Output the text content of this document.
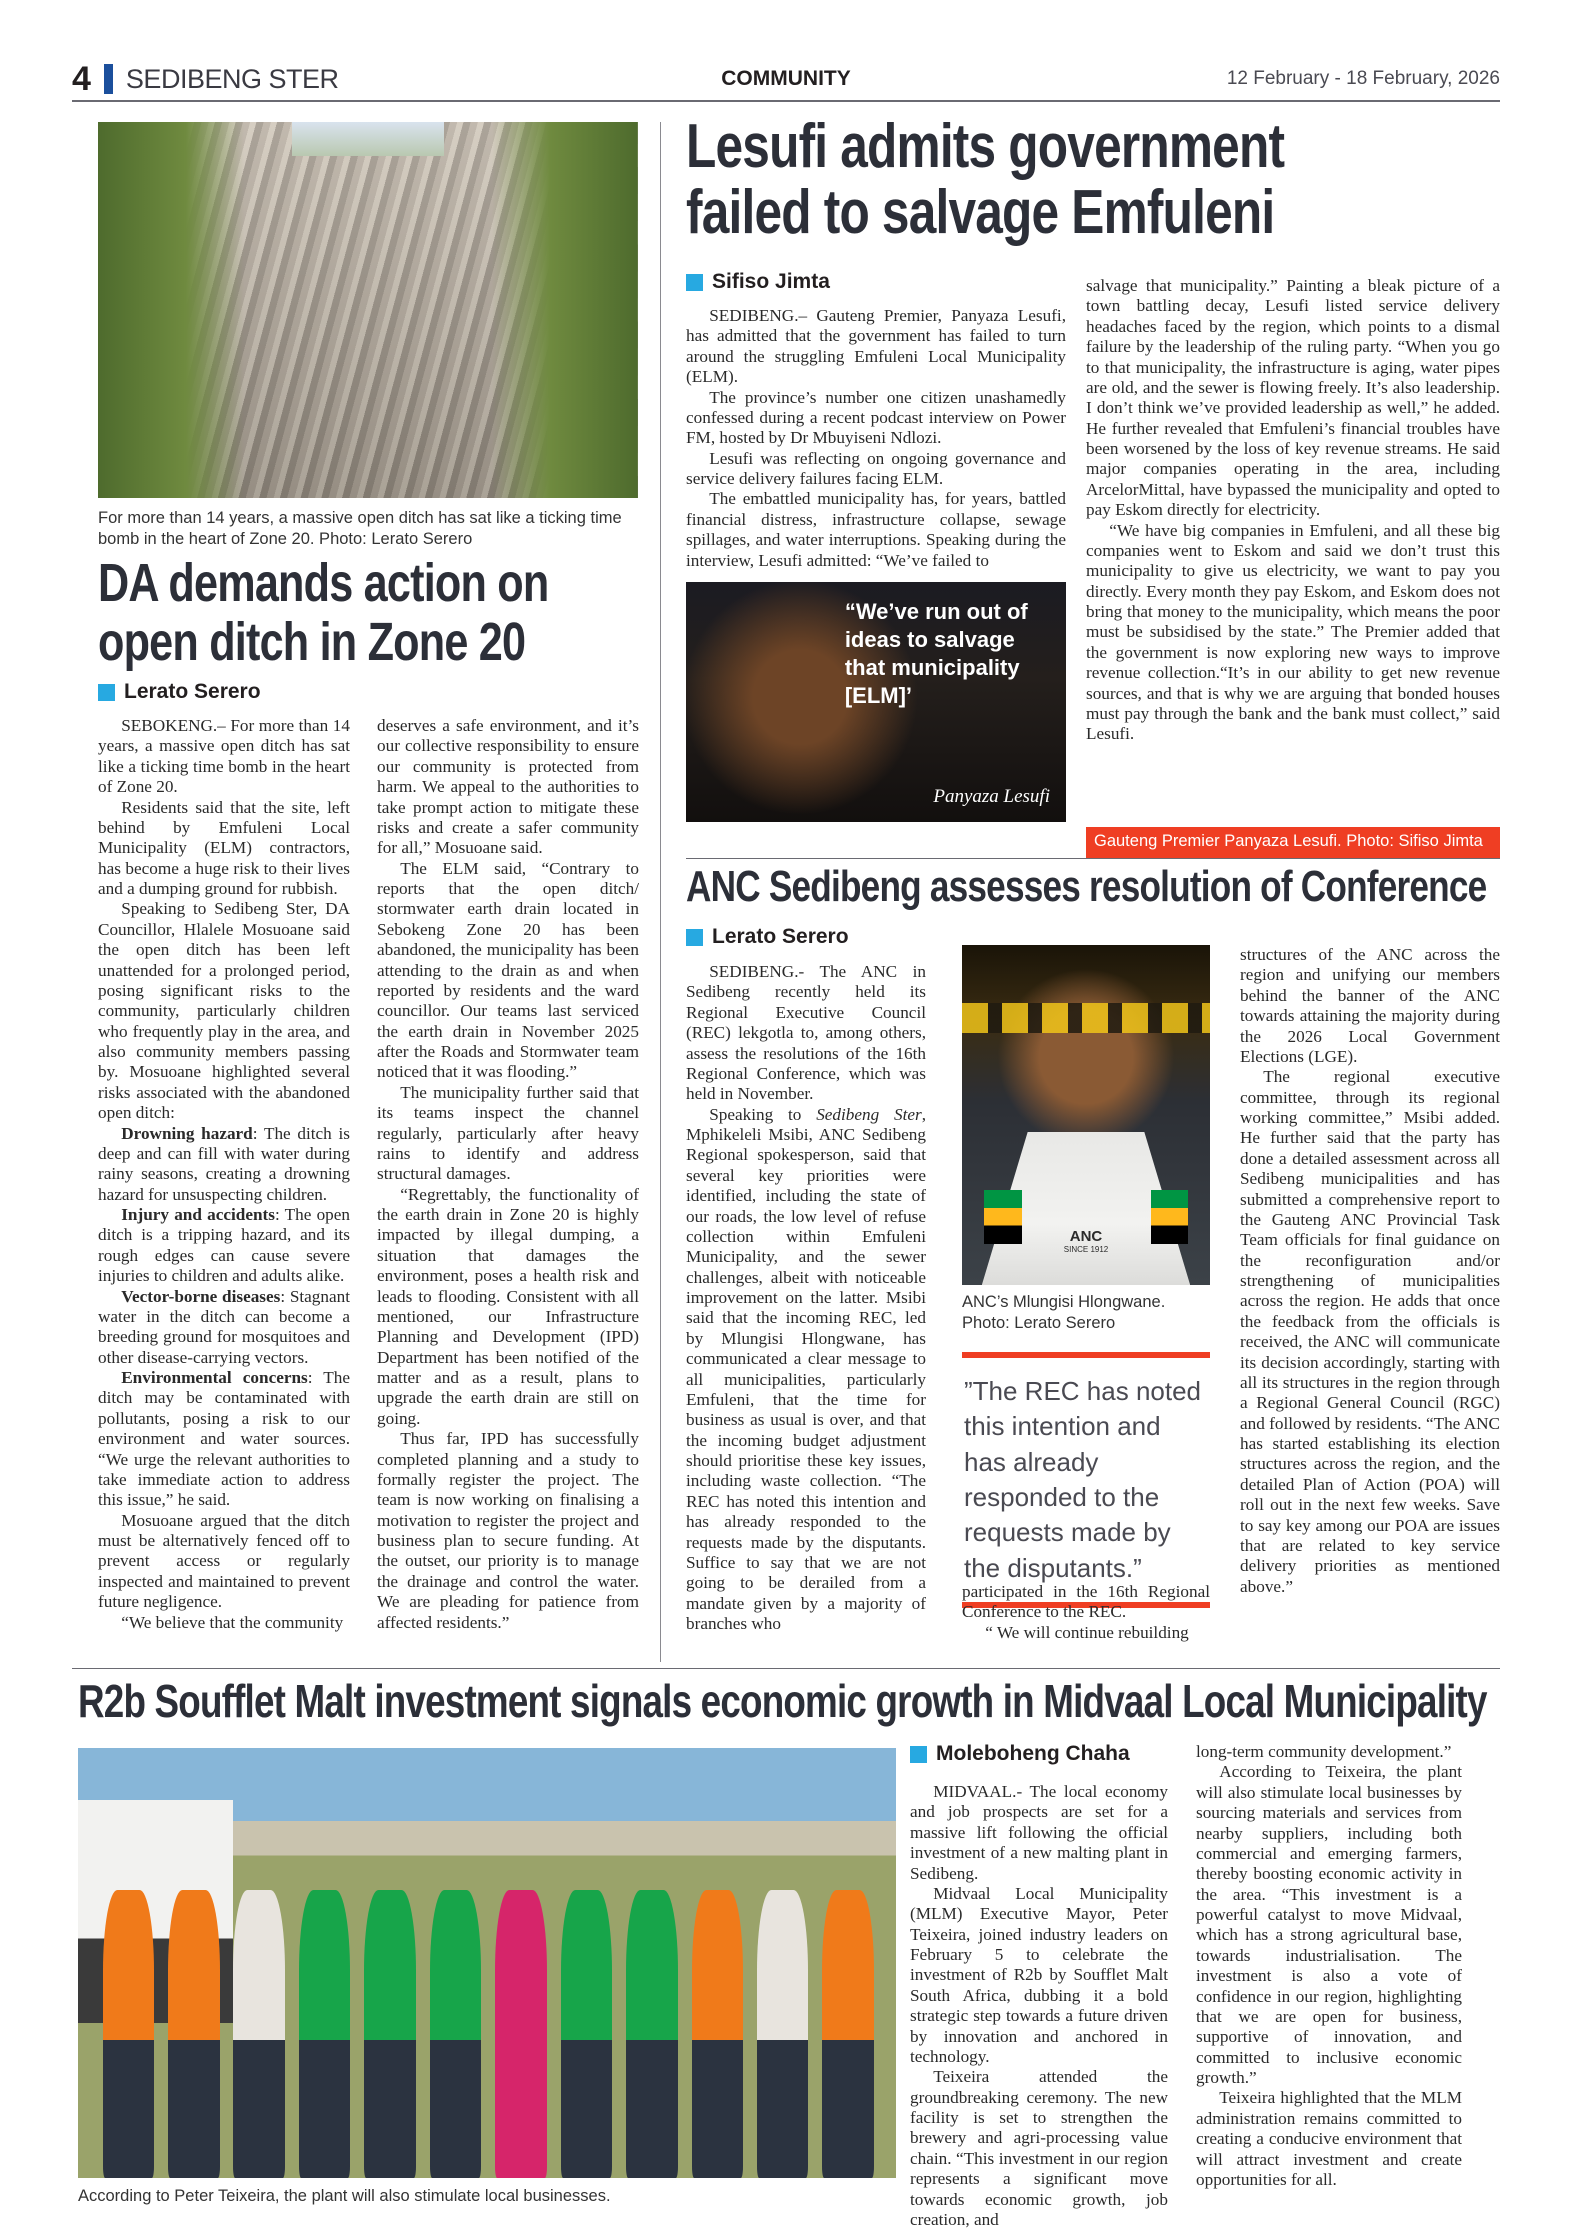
4 SEDIBENG STER	COMMUNITY	12 February - 18 February, 2026
For more than 14 years, a massive open ditch has sat like a ticking time bomb in the heart of Zone 20. Photo: Lerato Serero
DA demands action on
open ditch in Zone 20
Lerato Serero

SEBOKENG.– For more than 14 years, a massive open ditch has sat like a ticking time bomb in the heart of Zone 20.

Residents said that the site, left behind by Emfuleni Local Municipality (ELM) contractors, has become a huge risk to their lives and a dumping ground for rubbish.

Speaking to Sedibeng Ster, DA Councillor, Hlalele Mosuoane said the open ditch has been left unattended for a prolonged period, posing significant risks to the community, particularly children who frequently play in the area, and also community members passing by. Mosuoane highlighted several risks associated with the abandoned open ditch:

Drowning hazard: The ditch is deep and can fill with water during rainy seasons, creating a drowning hazard for unsuspecting children.

Injury and accidents: The open ditch is a tripping hazard, and its rough edges can cause severe injuries to children and adults alike.

Vector-borne diseases: Stagnant water in the ditch can become a breeding ground for mosquitoes and other disease-carrying vectors.

Environmental concerns: The ditch may be contaminated with pollutants, posing a risk to our environment and water sources. “We urge the relevant authorities to take immediate action to address this issue,” he said.

Mosuoane argued that the ditch must be alternatively fenced off to prevent access or regularly inspected and maintained to prevent future negligence.

“We believe that the community

deserves a safe environment, and it’s our collective responsibility to ensure our community is protected from harm. We appeal to the authorities to take prompt action to mitigate these risks and create a safer community for all,” Mosuoane said.

The ELM said, “Contrary to reports that the open ditch/ stormwater earth drain located in Sebokeng Zone 20 has been abandoned, the municipality has been attending to the drain as and when reported by residents and the ward councillor. Our teams last serviced the earth drain in November 2025 after the Roads and Stormwater team noticed that it was flooding.”

The municipality further said that its teams inspect the channel regularly, particularly after heavy rains to identify and address structural damages.

“Regrettably, the functionality of the earth drain in Zone 20 is highly impacted by illegal dumping, a situation that damages the environment, poses a health risk and leads to flooding. Consistent with all mentioned, our Infrastructure Planning and Development (IPD) Department has been notified of the matter and as a result, plans to upgrade the earth drain are still on going.

Thus far, IPD has successfully completed planning and a study to formally register the project. The team is now working on finalising a motivation to register the project and business plan to secure funding. At the outset, our priority is to manage the drainage and control the water. We are pleading for patience from affected residents.”

Lesufi admits government
failed to salvage Emfuleni
Sifiso Jimta

SEDIBENG.– Gauteng Premier, Panyaza Lesufi, has admitted that the government has failed to turn around the struggling Emfuleni Local Municipality (ELM).

The province’s number one citizen unashamedly confessed during a recent podcast interview on Power FM, hosted by Dr Mbuyiseni Ndlozi.

Lesufi was reflecting on ongoing governance and service delivery failures facing ELM.

The embattled municipality has, for years, battled financial distress, infrastructure collapse, sewage spillages, and water interruptions. Speaking during the interview, Lesufi admitted: “We’ve failed to

“We’ve run out of ideas to salvage that municipality [ELM]’
Panyaza Lesufi

salvage that municipality.” Painting a bleak picture of a town battling decay, Lesufi listed service delivery headaches faced by the region, which points to a dismal failure by the leadership of the ruling party. “When you go to that municipality, the infrastructure is aging, water pipes are old, and the sewer is flowing freely. It’s also leadership. I don’t think we’ve provided leadership as well,” he added. He further revealed that Emfuleni’s financial troubles have been worsened by the loss of key revenue streams. He said major companies operating in the area, including ArcelorMittal, have bypassed the municipality and opted to pay Eskom directly for electricity.

“We have big companies in Emfuleni, and all these big companies went to Eskom and said we don’t trust this municipality to give us electricity, we want to pay you directly. Every month they pay Eskom, and Eskom does not bring that money to the municipality, which means the poor must be subsidised by the state.” The Premier added that the government is now exploring new ways to improve revenue collection.“It’s in our ability to get new revenue sources, and that is why we are arguing that bonded houses must pay through the bank and the bank must collect,” said Lesufi.

Gauteng Premier Panyaza Lesufi. Photo: Sifiso Jimta
ANC Sedibeng assesses resolution of Conference
Lerato Serero

SEDIBENG.- The ANC in Sedibeng recently held its Regional Executive Council (REC) lekgotla to, among others, assess the resolutions of the 16th Regional Conference, which was held in November.

Speaking to Sedibeng Ster, Mphikeleli Msibi, ANC Sedibeng Regional spokesperson, said that several key priorities were identified, including the state of our roads, the low level of refuse collection within Emfuleni Municipality, and the sewer challenges, albeit with noticeable improvement on the latter. Msibi said that the incoming REC, led by Mlungisi Hlongwane, has communicated a clear message to all municipalities, particularly Emfuleni, that the time for business as usual is over, and that the incoming budget adjustment should prioritise these key issues, including waste collection. “The REC has noted this intention and has already responded to the requests made by the disputants. Suffice to say that we are not going to be derailed from a mandate given by a majority of branches who

ANC
SINCE 1912
ANC’s Mlungisi Hlongwane. Photo: Lerato Serero
”The REC has noted this intention and has already responded to the requests made by the disputants.”

participated in the 16th Regional Conference to the REC.

“ We will continue rebuilding

structures of the ANC across the region and unifying our members behind the banner of the ANC towards attaining the majority during the 2026 Local Government Elections (LGE).

The regional executive committee, through its regional working committee,” Msibi added. He further said that the party has done a detailed assessment across all Sedibeng municipalities and has submitted a comprehensive report to the Gauteng ANC Provincial Task Team officials for final guidance on the reconfiguration and/or strengthening of municipalities across the region. He adds that once the feedback from the officials is received, the ANC will communicate its decision accordingly, starting with all its structures in the region through a Regional General Council (RGC) and followed by residents. “The ANC has started establishing its election structures across the region, and the detailed Plan of Action (POA) will roll out in the next few weeks. Save to say key among our POA are issues that are related to key service delivery priorities as mentioned above.”

R2b Soufflet Malt investment signals economic growth in Midvaal Local Municipality
According to Peter Teixeira, the plant will also stimulate local businesses.
Moleboheng Chaha

MIDVAAL.- The local economy and job prospects are set for a massive lift following the official investment of a new malting plant in Sedibeng.

Midvaal Local Municipality (MLM) Executive Mayor, Peter Teixeira, joined industry leaders on February 5 to celebrate the investment of R2b by Soufflet Malt South Africa, dubbing it a bold strategic step towards a future driven by innovation and anchored in technology.

Teixeira attended the groundbreaking ceremony. The new facility is set to strengthen the brewery and agri-processing value chain. “This investment in our region represents a significant move towards economic growth, job creation, and

long-term community development.”

According to Teixeira, the plant will also stimulate local businesses by sourcing materials and services from nearby suppliers, including both commercial and emerging farmers, thereby boosting economic activity in the area. “This investment is a powerful catalyst to move Midvaal, which has a strong agricultural base, towards industrialisation. The investment is also a vote of confidence in our region, highlighting that we are open for business, supportive of innovation, and committed to inclusive economic growth.”

Teixeira highlighted that the MLM administration remains committed to creating a conducive environment that will attract investment and create opportunities for all.
